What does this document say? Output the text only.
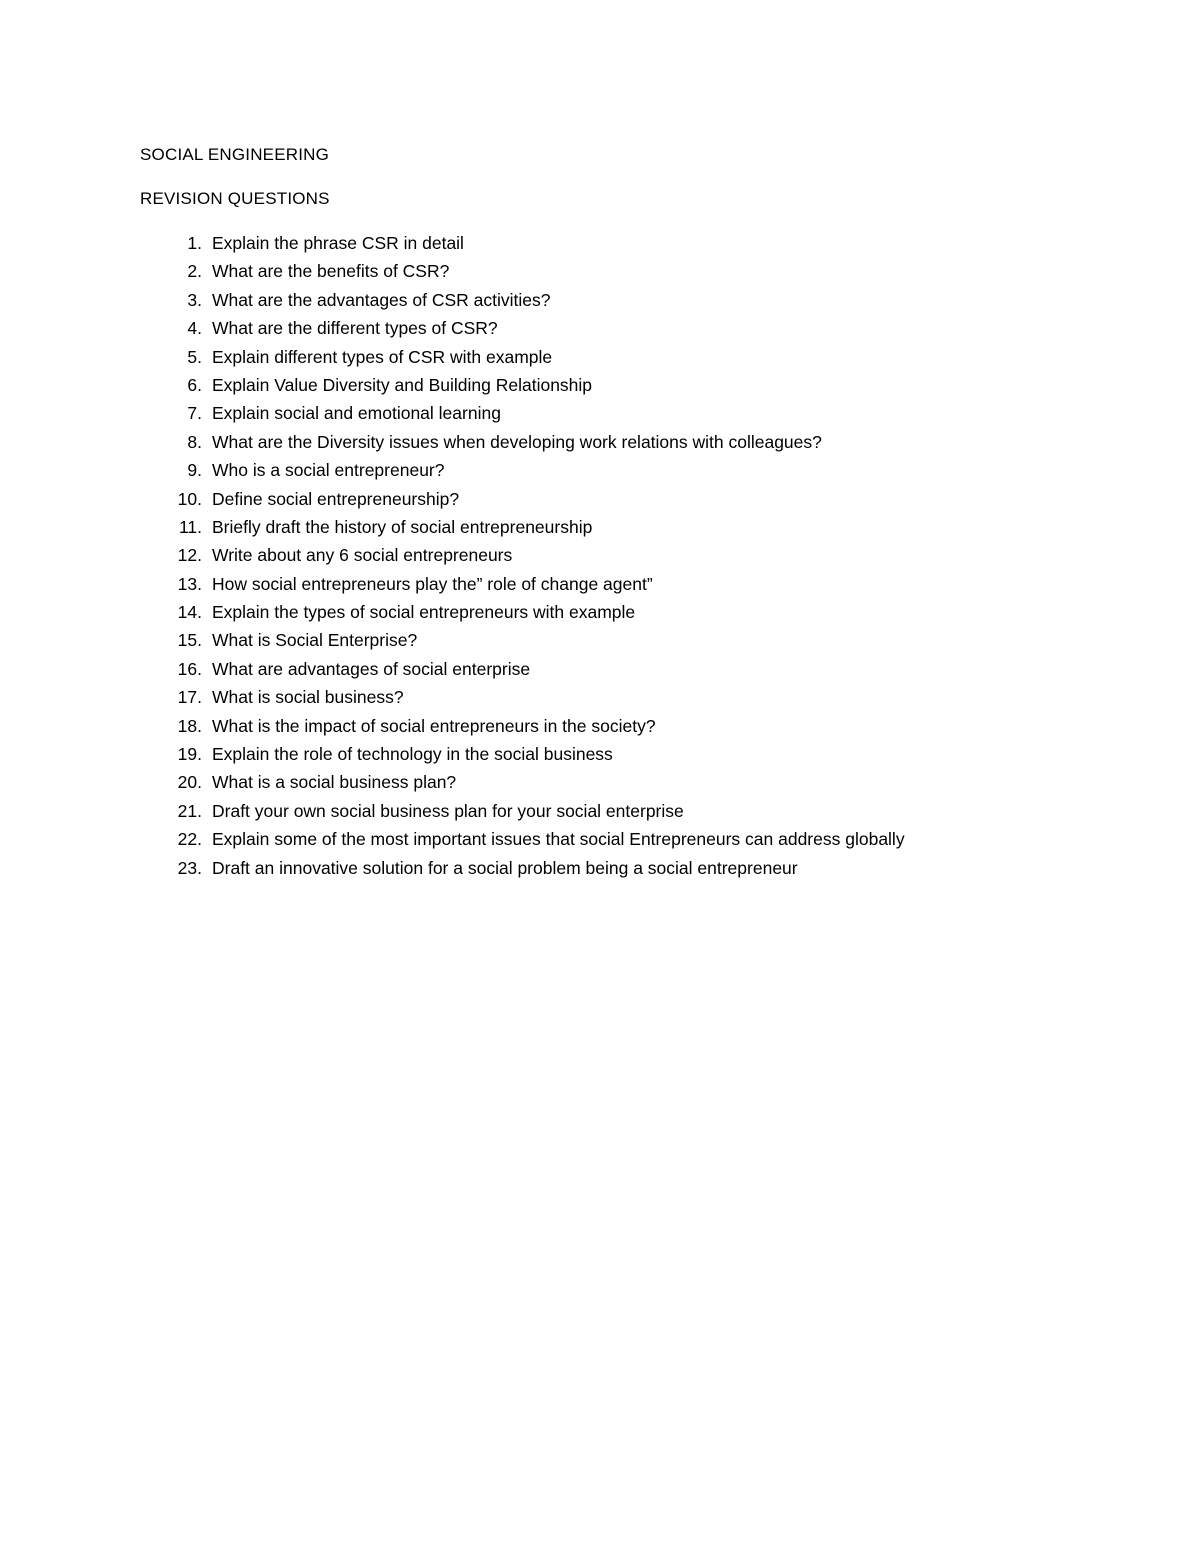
SOCIAL ENGINEERING
REVISION QUESTIONS
1. Explain the phrase CSR in detail
2. What are the benefits of CSR?
3. What are the advantages of CSR activities?
4. What are the different types of CSR?
5. Explain different types of CSR with example
6. Explain Value Diversity and Building Relationship
7. Explain social and emotional learning
8. What are the Diversity issues when developing work relations with colleagues?
9. Who is a social entrepreneur?
10. Define social entrepreneurship?
11. Briefly draft the history of social entrepreneurship
12. Write about any 6 social entrepreneurs
13. How social entrepreneurs play the” role of change agent”
14. Explain the types of social entrepreneurs with example
15. What is Social Enterprise?
16. What are advantages of social enterprise
17. What is social business?
18. What is the impact of social entrepreneurs in the society?
19. Explain the role of technology in the social business
20. What is a social business plan?
21. Draft your own social business plan for your social enterprise
22. Explain some of the most important issues that social Entrepreneurs can address globally
23. Draft an innovative solution for a social problem being a social entrepreneur
